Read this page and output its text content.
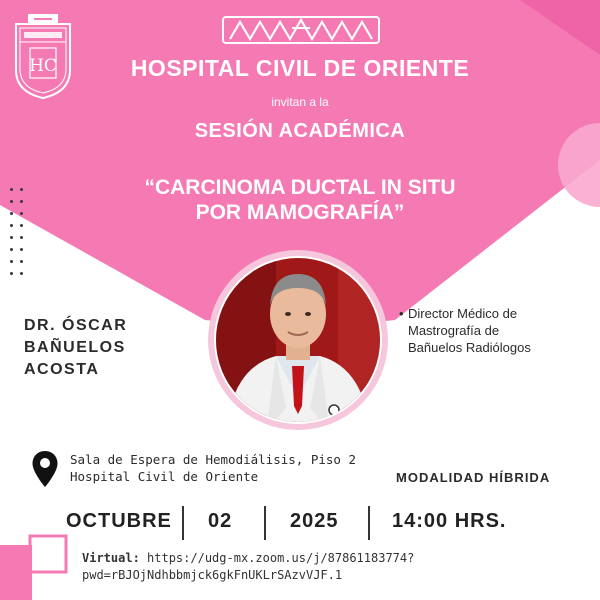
HC	HOSPITAL CIVIL DE ORIENTE
invitan a la
SESIÓN ACADÉMICA
“CARCINOMA DUCTAL IN SITU
POR MAMOGRAFÍA”
DR. ÓSCAR
BAÑUELOS
ACOSTA
• Director Médico de
Mastrografía de
Bañuelos Radiólogos
Sala de Espera de Hemodiálisis, Piso 2
Hospital Civil de Oriente	MODALIDAD HÍBRIDA
OCTUBRE 02	2025	14:00 HRS.
Virtual: https://udg-mx.zoom.us/j/87861183774?
pwd=rBJOjNdhbbmjck6gkFnUKLrSAzvVJF.1
